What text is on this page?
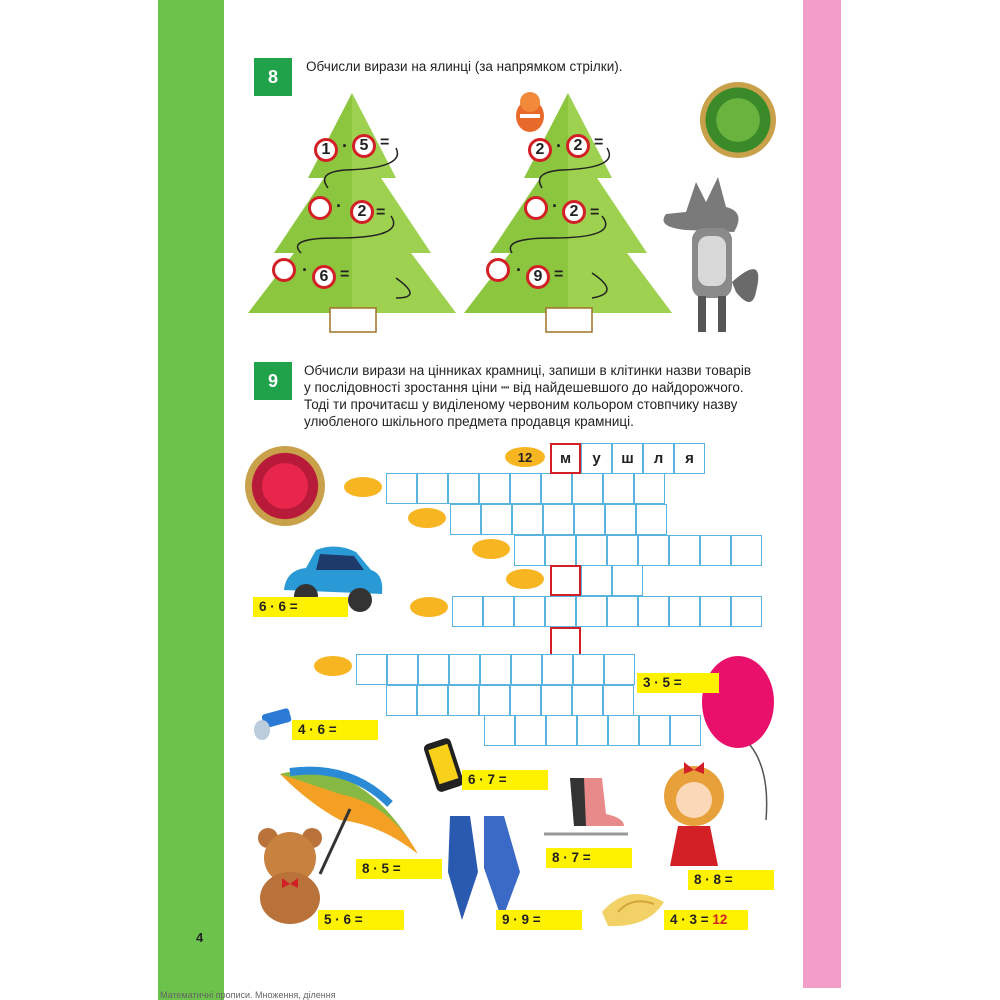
8	Обчисли вирази на ялинці (за напрямком стрілки).
1 · 5 =
· 2 =
· 6 =
2 · 2 =
· 2 =
· 9 =
9	Обчисли вирази на цінниках крамниці, запиши в клітинки назви товарів
у послідовності зростання ціни ┉ від найдешевшого до найдорожчого.
Тоді ти прочитаєш у виділеному червоним кольором стовпчику назву
улюбленого шкільного предмета продавця крамниці.
12	м	у	ш	л	я
6 · 6 =
3 · 5 =
4 · 6 =
6 · 7 =
8 · 5 =
8 · 7 =
8 · 8 =
5 · 6 =	9 · 9 =	4 · 3 = 12
4
Математичні прописи. Множення, ділення
